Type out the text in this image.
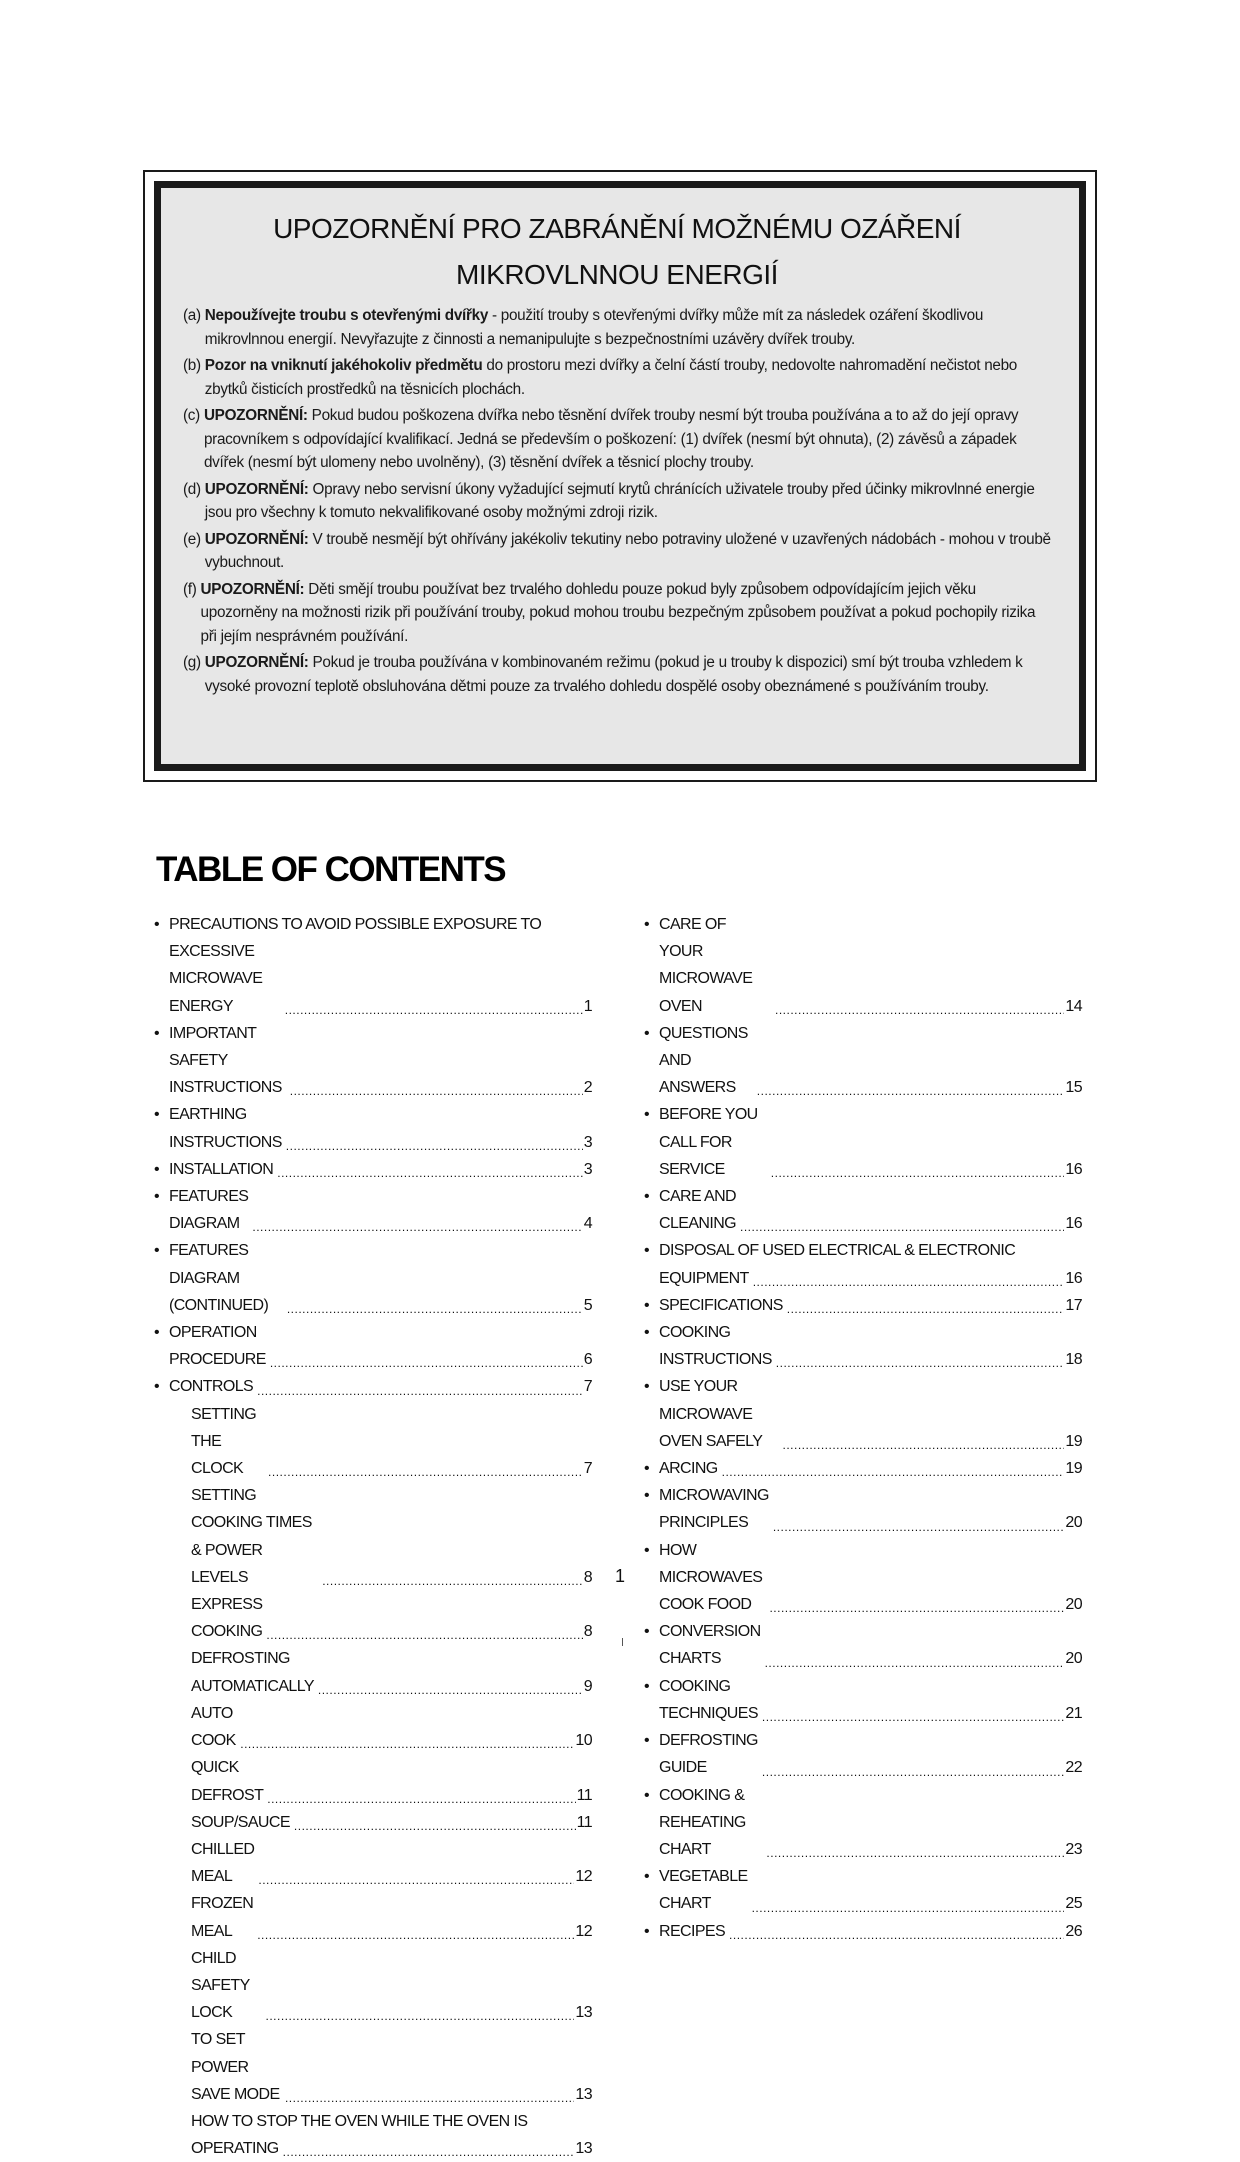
UPOZORNĚNÍ PRO ZABRÁNĚNÍ MOŽNÉMU OZÁŘENÍ
MIKROVLNNOU ENERGIÍ
(a) Nepoužívejte troubu s otevřenými dvířky - použití trouby s otevřenými dvířky může mít za následek ozáření škodlivou mikrovlnnou energií. Nevyřazujte z činnosti a nemanipulujte s bezpečnostními uzávěry dvířek trouby.
(b) Pozor na vniknutí jakéhokoliv předmětu do prostoru mezi dvířky a čelní částí trouby, nedovolte nahromadění nečistot nebo zbytků čisticích prostředků na těsnicích plochách.
(c) UPOZORNĚNÍ: Pokud budou poškozena dvířka nebo těsnění dvířek trouby nesmí být trouba používána a to až do její opravy pracovníkem s odpovídající kvalifikací. Jedná se především o poškození: (1) dvířek (nesmí být ohnuta), (2) závěsů a západek dvířek (nesmí být ulomeny nebo uvolněny), (3) těsnění dvířek a těsnicí plochy trouby.
(d) UPOZORNĚNÍ: Opravy nebo servisní úkony vyžadující sejmutí krytů chránících uživatele trouby před účinky mikrovlnné energie jsou pro všechny k tomuto nekvalifikované osoby možnými zdroji rizik.
(e) UPOZORNĚNÍ: V troubě nesmějí být ohřívány jakékoliv tekutiny nebo potraviny uložené v uzavřených nádobách - mohou v troubě vybuchnout.
(f) UPOZORNĚNÍ: Děti smějí troubu používat bez trvalého dohledu pouze pokud byly způsobem odpovídajícím jejich věku upozorněny na možnosti rizik při používání trouby, pokud mohou troubu bezpečným způsobem používat a pokud pochopily rizika při jejím nesprávném používání.
(g) UPOZORNĚNÍ: Pokud je trouba používána v kombinovaném režimu (pokud je u trouby k dispozici) smí být trouba vzhledem k vysoké provozní teplotě obsluhována dětmi pouze za trvalého dohledu dospělé osoby obeznámené s používáním trouby.
TABLE OF CONTENTS
• PRECAUTIONS TO AVOID POSSIBLE EXPOSURE TO
EXCESSIVE MICROWAVE ENERGY .....	1
• IMPORTANT SAFETY INSTRUCTIONS .....	2
• EARTHING INSTRUCTIONS .....	3
• INSTALLATION .....	3
• FEATURES DIAGRAM .....	4
• FEATURES DIAGRAM (CONTINUED) .....	5
• OPERATION PROCEDURE .....	6
• CONTROLS .....	7
SETTING THE CLOCK .....	7
SETTING COOKING TIMES & POWER LEVELS .....	8
EXPRESS COOKING .....	8
DEFROSTING AUTOMATICALLY .....	9
AUTO COOK .....	10
QUICK DEFROST .....	11
SOUP/SAUCE .....	11
CHILLED MEAL .....	12
FROZEN MEAL .....	12
CHILD SAFETY LOCK .....	13
TO SET POWER SAVE MODE .....	13
HOW TO STOP THE OVEN WHILE THE OVEN IS
OPERATING .....	13
• CARE OF YOUR MICROWAVE OVEN .....	14
• QUESTIONS AND ANSWERS .....	15
• BEFORE YOU CALL FOR SERVICE .....	16
• CARE AND CLEANING .....	16
• DISPOSAL OF USED ELECTRICAL & ELECTRONIC
EQUIPMENT .....	16
• SPECIFICATIONS .....	17
• COOKING INSTRUCTIONS .....	18
• USE YOUR MICROWAVE OVEN SAFELY .....	19
• ARCING .....	19
• MICROWAVING PRINCIPLES .....	20
• HOW MICROWAVES COOK FOOD .....	20
• CONVERSION CHARTS .....	20
• COOKING TECHNIQUES .....	21
• DEFROSTING GUIDE .....	22
• COOKING & REHEATING CHART .....	23
• VEGETABLE CHART .....	25
• RECIPES .....	26
1
